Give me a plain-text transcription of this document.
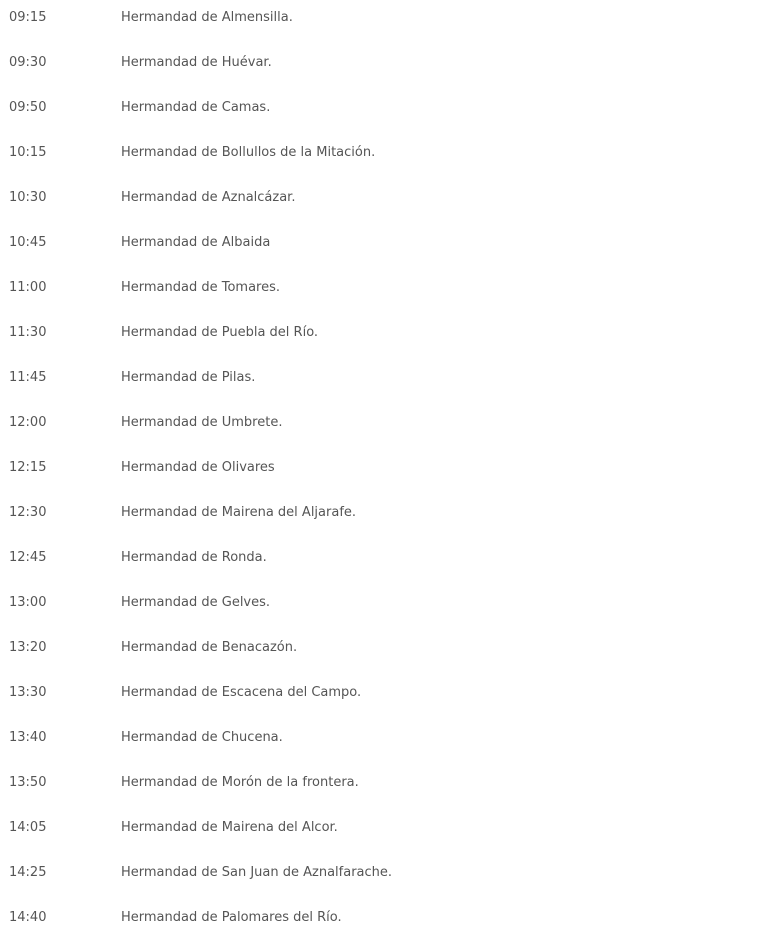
09:15	Hermandad de Almensilla.
09:30	Hermandad de Huévar.
09:50	Hermandad de Camas.
10:15	Hermandad de Bollullos de la Mitación.
10:30	Hermandad de Aznalcázar.
10:45	Hermandad de Albaida
11:00	Hermandad de Tomares.
11:30	Hermandad de Puebla del Río.
11:45	Hermandad de Pilas.
12:00	Hermandad de Umbrete.
12:15	Hermandad de Olivares
12:30	Hermandad de Mairena del Aljarafe.
12:45	Hermandad de Ronda.
13:00	Hermandad de Gelves.
13:20	Hermandad de Benacazón.
13:30	Hermandad de Escacena del Campo.
13:40	Hermandad de Chucena.
13:50	Hermandad de Morón de la frontera.
14:05	Hermandad de Mairena del Alcor.
14:25	Hermandad de San Juan de Aznalfarache.
14:40	Hermandad de Palomares del Río.
